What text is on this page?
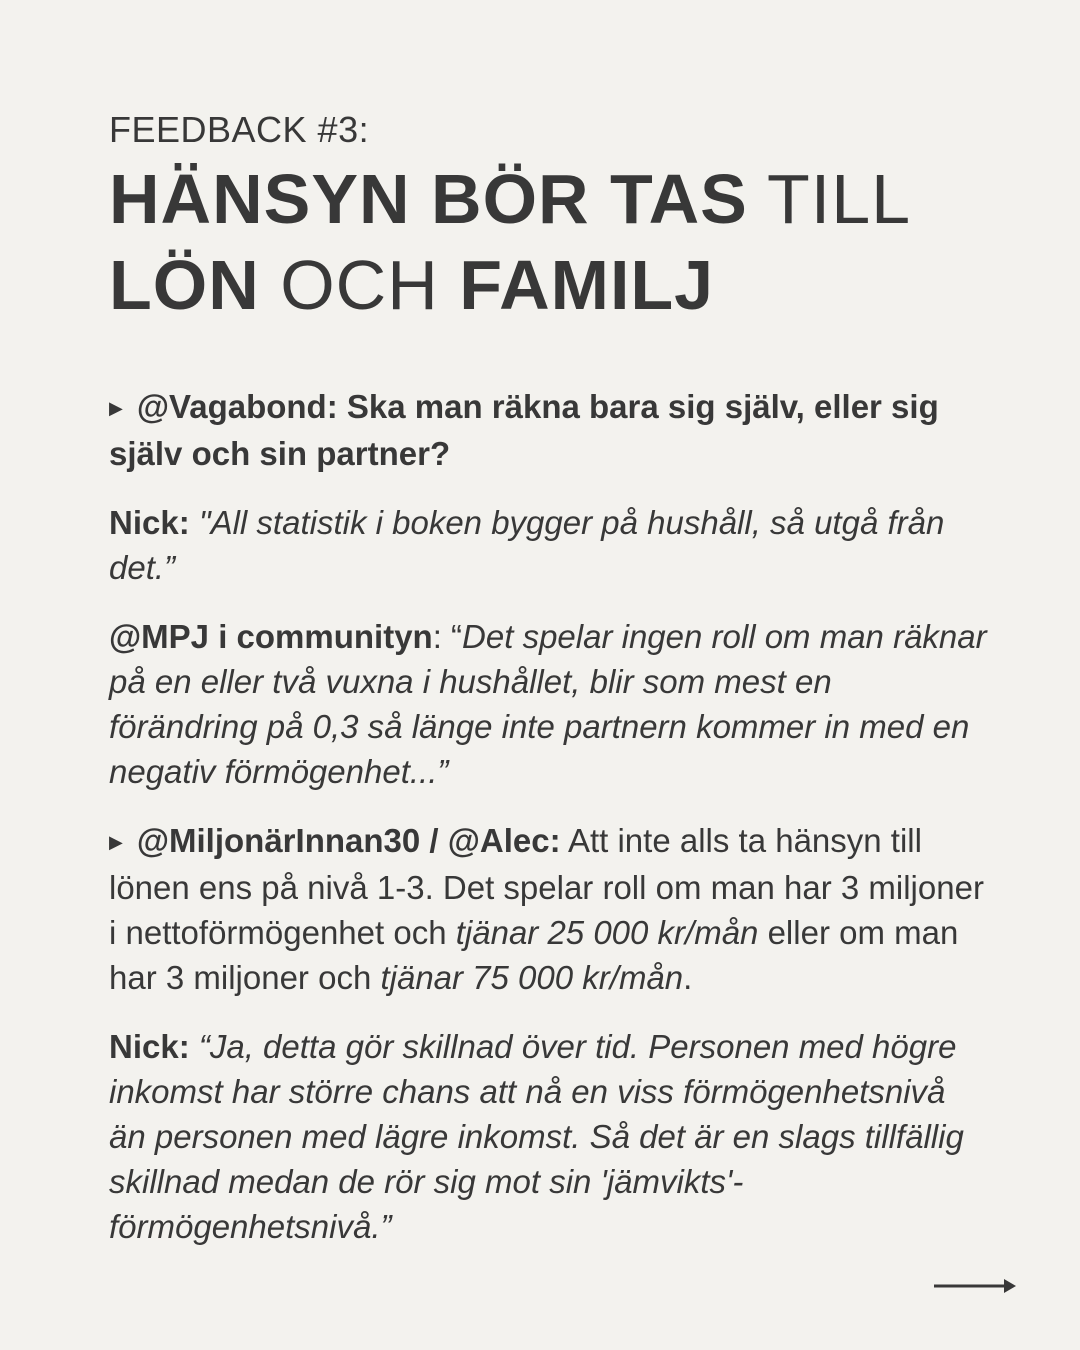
FEEDBACK #3:

HÄNSYN BÖR TAS TILL
LÖN OCH FAMILJ

▶ @Vagabond: Ska man räkna bara sig själv, eller sig själv och sin partner?

Nick: "All statistik i boken bygger på hushåll, så utgå från det.”

@MPJ i communityn: “Det spelar ingen roll om man räknar på en eller två vuxna i hushållet, blir som mest en förändring på 0,3 så länge inte partnern kommer in med en negativ förmögenhet...”

▶ @MiljonärInnan30 / @Alec: Att inte alls ta hänsyn till lönen ens på nivå 1-3. Det spelar roll om man har 3 miljoner i nettoförmögenhet och tjänar 25 000 kr/mån eller om man har 3 miljoner och tjänar 75 000 kr/mån.

Nick: “Ja, detta gör skillnad över tid. Personen med högre inkomst har större chans att nå en viss förmögenhetsnivå än personen med lägre inkomst. Så det är en slags tillfällig skillnad medan de rör sig mot sin 'jämvikts'-förmögenhetsnivå.”
